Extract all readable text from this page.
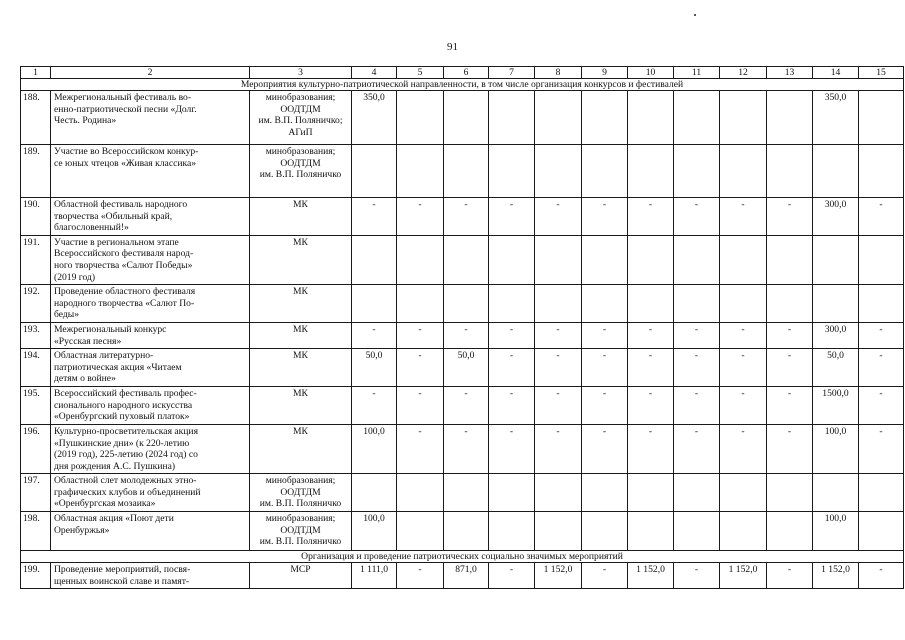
91
1	2	3	4	5	6	7	8	9	10	11	12	13	14	15
Мероприятия культурно-патриотической направленности, в том числе организация конкурсов и фестивалей														
188.	Межрегиональный фестиваль во-
енно-патриотической песни «Долг.
Честь. Родина»	минобразования;
ООДТДМ
им. В.П. Поляничко;
АГиП	350,0										350,0	
189.	Участие во Всероссийском конкур-
се юных чтецов «Живая классика»	минобразования;
ООДТДМ
им. В.П. Поляничко												
190.	Областной фестиваль народного
творчества «Обильный край,
благословенный!»	МК	-	-	-	-	-	-	-	-	-	-	300,0	-
191.	Участие в региональном этапе
Всероссийского фестиваля народ-
ного творчества «Салют Победы»
(2019 год)	МК												
192.	Проведение областного фестиваля
народного творчества «Салют По-
беды»	МК												
193.	Межрегиональный конкурс
«Русская песня»	МК	-	-	-	-	-	-	-	-	-	-	300,0	-
194.	Областная литературно-
патриотическая акция «Читаем
детям о войне»	МК	50,0	-	50,0	-	-	-	-	-	-	-	50,0	-
195.	Всероссийский фестиваль профес-
сионального народного искусства
«Оренбургский пуховый платок»	МК	-	-	-	-	-	-	-	-	-	-	1500,0	-
196.	Культурно-просветительская акция
«Пушкинские дни» (к 220-летию
(2019 год), 225-летию (2024 год) со
дня рождения А.С. Пушкина)	МК	100,0	-	-	-	-	-	-	-	-	-	100,0	-
197.	Областной слет молодежных этно-
графических клубов и объединений
«Оренбургская мозаика»	минобразования;
ООДТДМ
им. В.П. Поляничко												
198.	Областная акция «Поют дети
Оренбуржья»	минобразования;
ООДТДМ
им. В.П. Поляничко	100,0										100,0	
Организация и проведение патриотических социально значимых мероприятий														
199.	Проведение мероприятий, посвя-
щенных воинской славе и памят-	МСР	1 111,0	-	871,0	-	1 152,0	-	1 152,0	-	1 152,0	-	1 152,0	-
